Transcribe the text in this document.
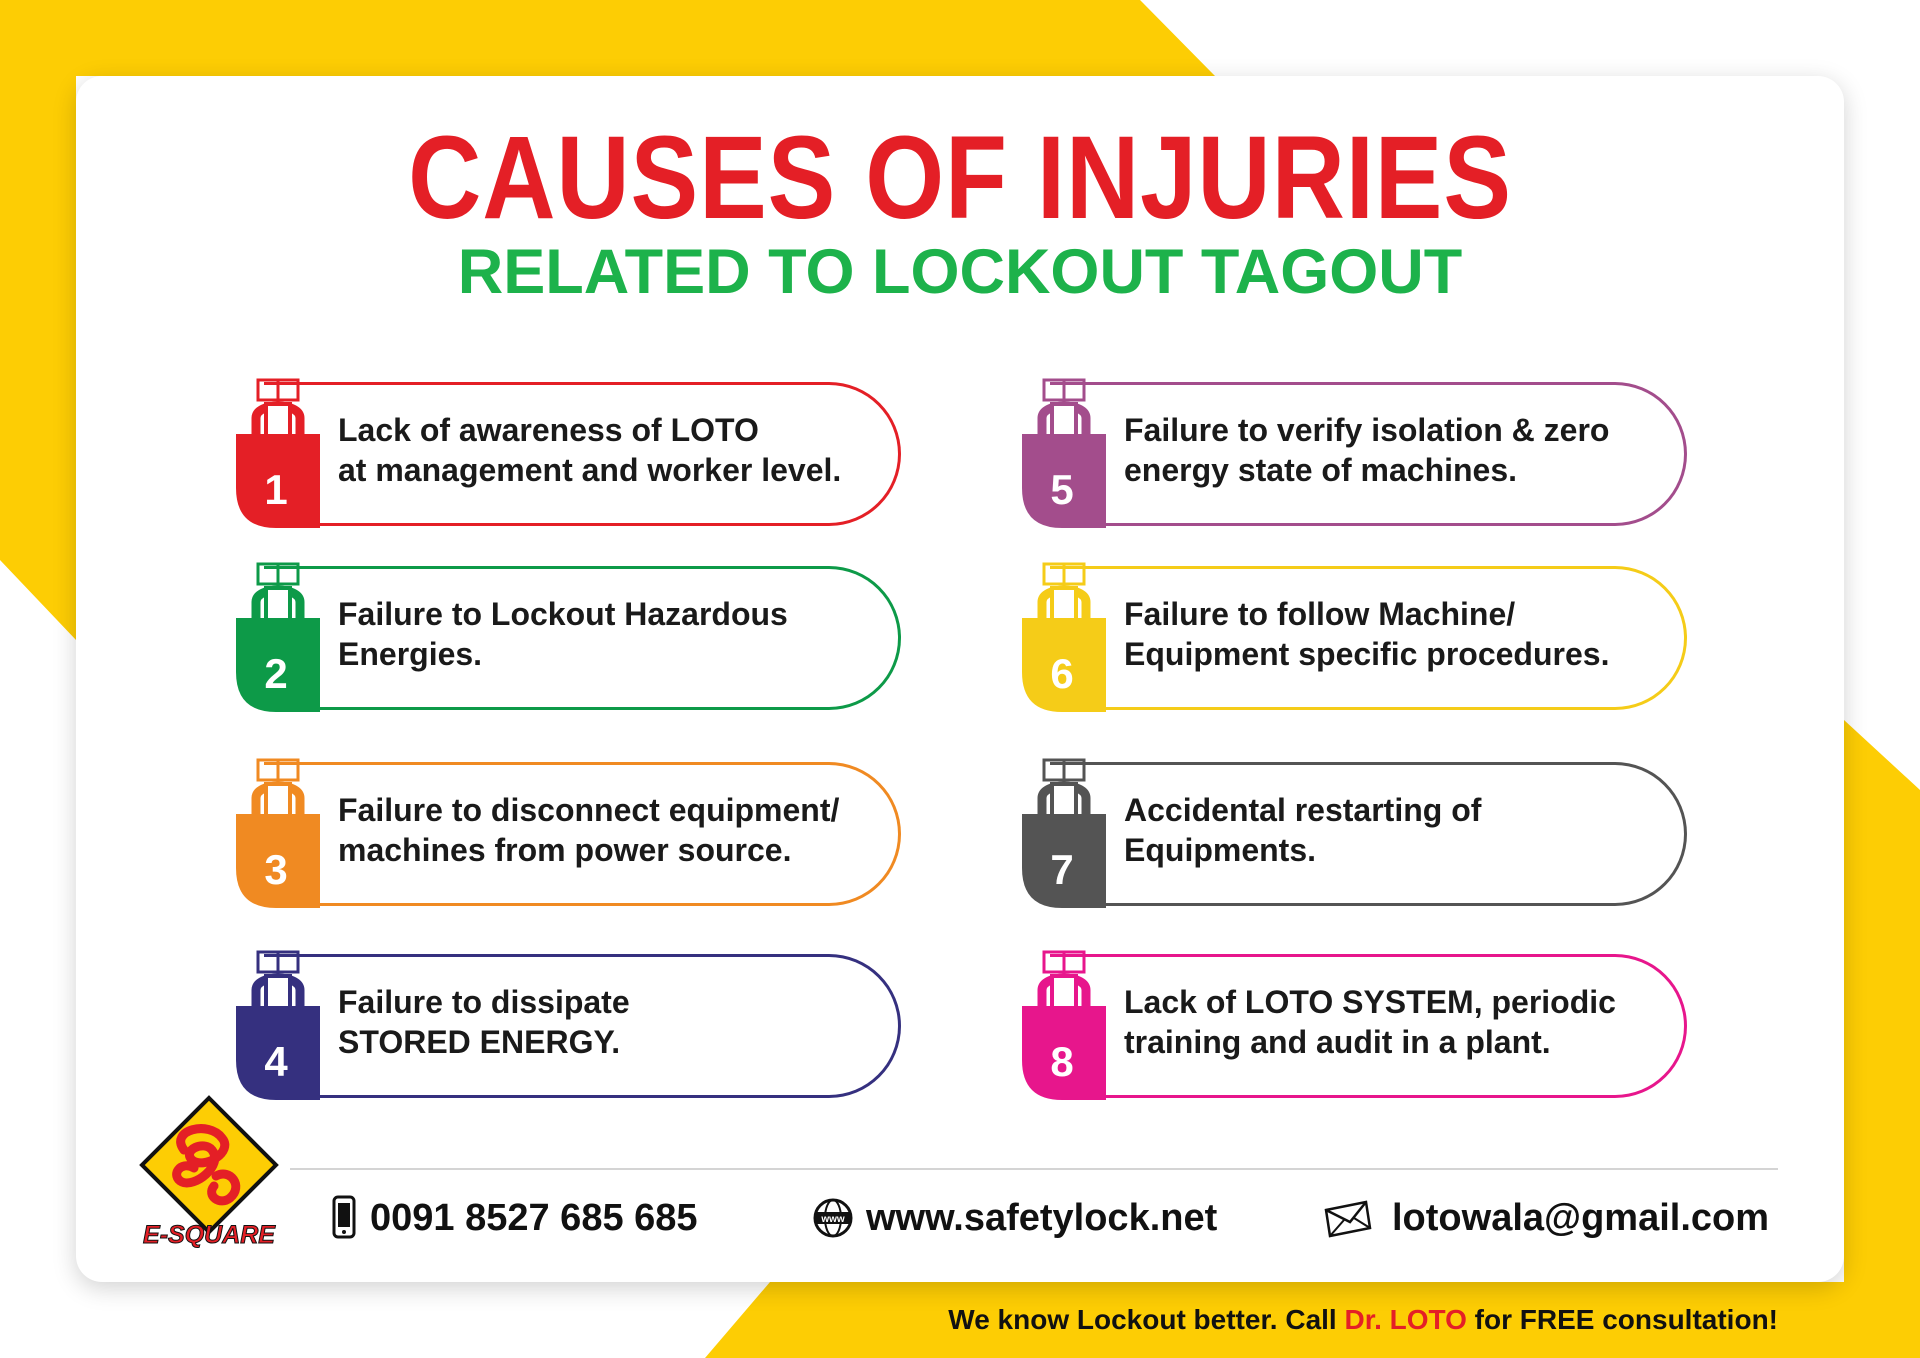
CAUSES OF INJURIES
RELATED TO LOCKOUT TAGOUT
1
Lack of awareness of LOTO
at management and worker level.
2
Failure to Lockout Hazardous
Energies.
3
Failure to disconnect equipment/
machines from power source.
4
Failure to dissipate
STORED ENERGY.
5
Failure to verify isolation & zero
energy state of machines.
6
Failure to follow Machine/
Equipment specific procedures.
7
Accidental restarting of
Equipments.
8
Lack of LOTO SYSTEM, periodic
training and audit in a plant.
E-SQUARE	0091 8527 685 685	www www.safetylock.net	lotowala@gmail.com
We know Lockout better. Call Dr. LOTO for FREE consultation!
